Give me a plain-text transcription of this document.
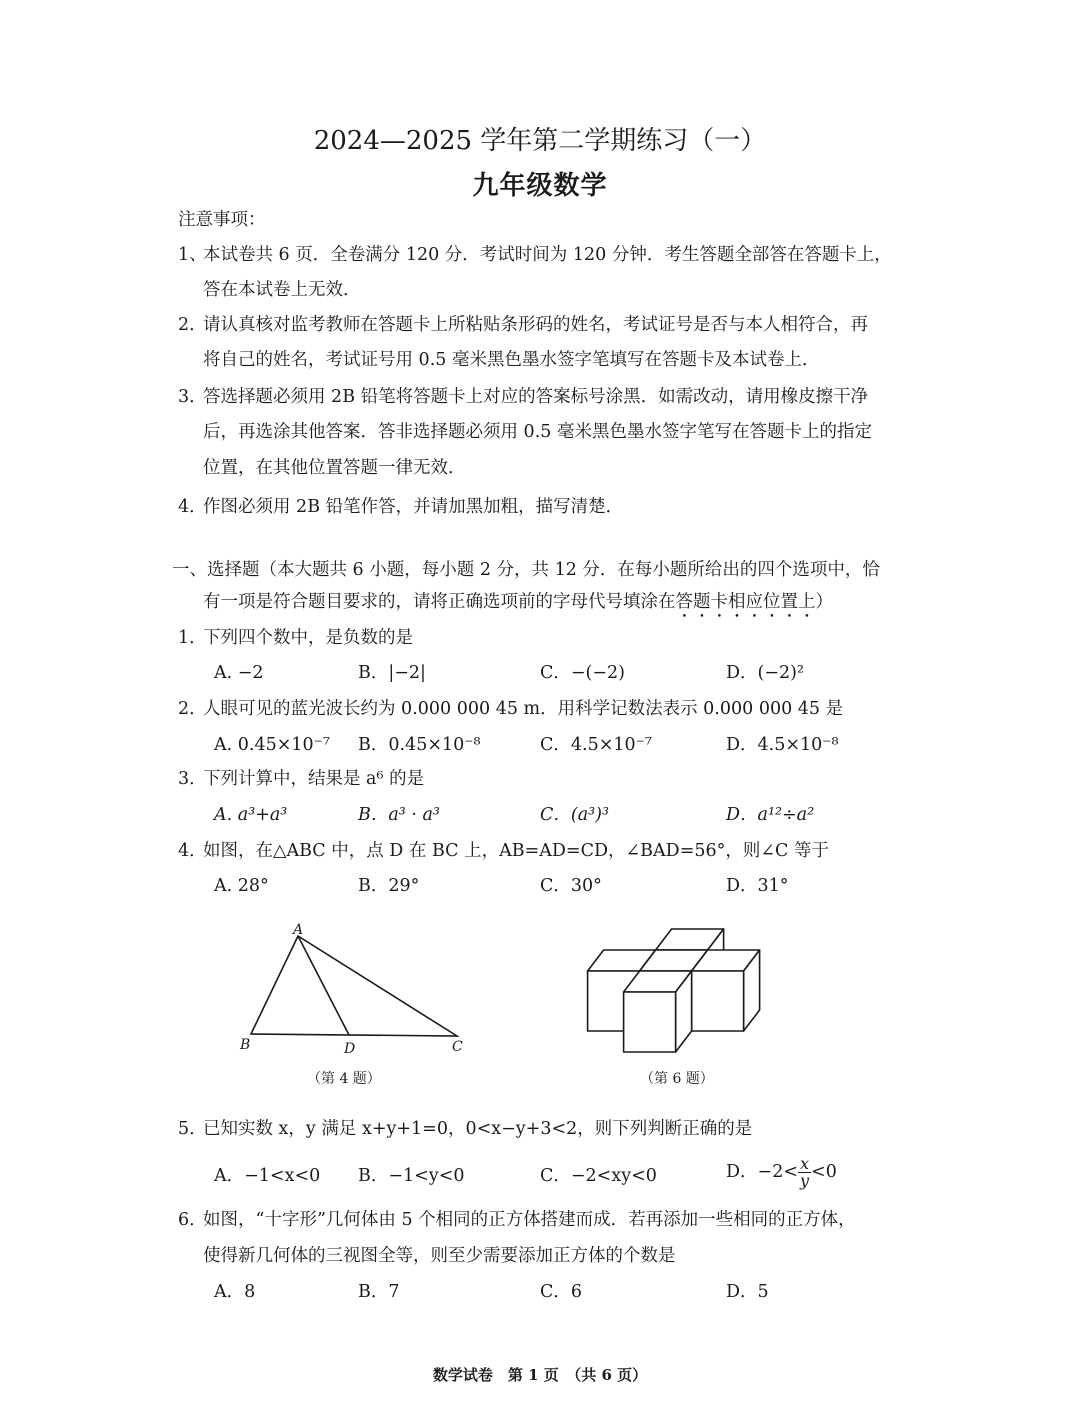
2024—2025 学年第二学期练习（一）
九年级数学
注意事项：
1、
本试卷共 6 页．全卷满分 120 分．考试时间为 120 分钟．考生答题全部答在答题卡上，
答在本试卷上无效．
2．
请认真核对监考教师在答题卡上所粘贴条形码的姓名，考试证号是否与本人相符合，再
将自己的姓名，考试证号用 0.5 毫米黑色墨水签字笔填写在答题卡及本试卷上．
3．
答选择题必须用 2B 铅笔将答题卡上对应的答案标号涂黑．如需改动，请用橡皮擦干净
后，再选涂其他答案．答非选择题必须用 0.5 毫米黑色墨水签字笔写在答题卡上的指定
位置，在其他位置答题一律无效．
4．
作图必须用 2B 铅笔作答，并请加黑加粗，描写清楚．
一、选择题（本大题共 6 小题，每小题 2 分，共 12 分．在每小题所给出的四个选项中，恰
有一项是符合题目要求的，请将正确选项前的字母代号填涂在答题卡相应位置上）
1．
下列四个数中，是负数的是
A. −2	B．|−2|	C．−(−2)	D．(−2)²
2．
人眼可见的蓝光波长约为 0.000 000 45 m．用科学记数法表示 0.000 000 45 是
A. 0.45×10⁻⁷ B．0.45×10⁻⁸	C．4.5×10⁻⁷	D．4.5×10⁻⁸
3．
下列计算中，结果是 a⁶ 的是
A. a³+a³	B．a³ · a³	C．(a³)³	D．a¹²÷a²
4．
如图，在△ABC 中，点 D 在 BC 上，AB=AD=CD，∠BAD=56°，则∠C 等于
A. 28°	B．29°	C．30°	D．31°
A
B	D	C
（第 4 题）	（第 6 题）
5．
已知实数 x，y 满足 x+y+1=0，0<x−y+3<2，则下列判断正确的是
A．−1<x<0 B．−1<y<0	C．−2<xy<0	D．$-2< \frac{x}{y} <0$
6．
如图，“十字形”几何体由 5 个相同的正方体搭建而成．若再添加一些相同的正方体，
使得新几何体的三视图全等，则至少需要添加正方体的个数是
A．8	B．7	C．6	D．5
数学试卷　第 1 页　（共 6 页）
